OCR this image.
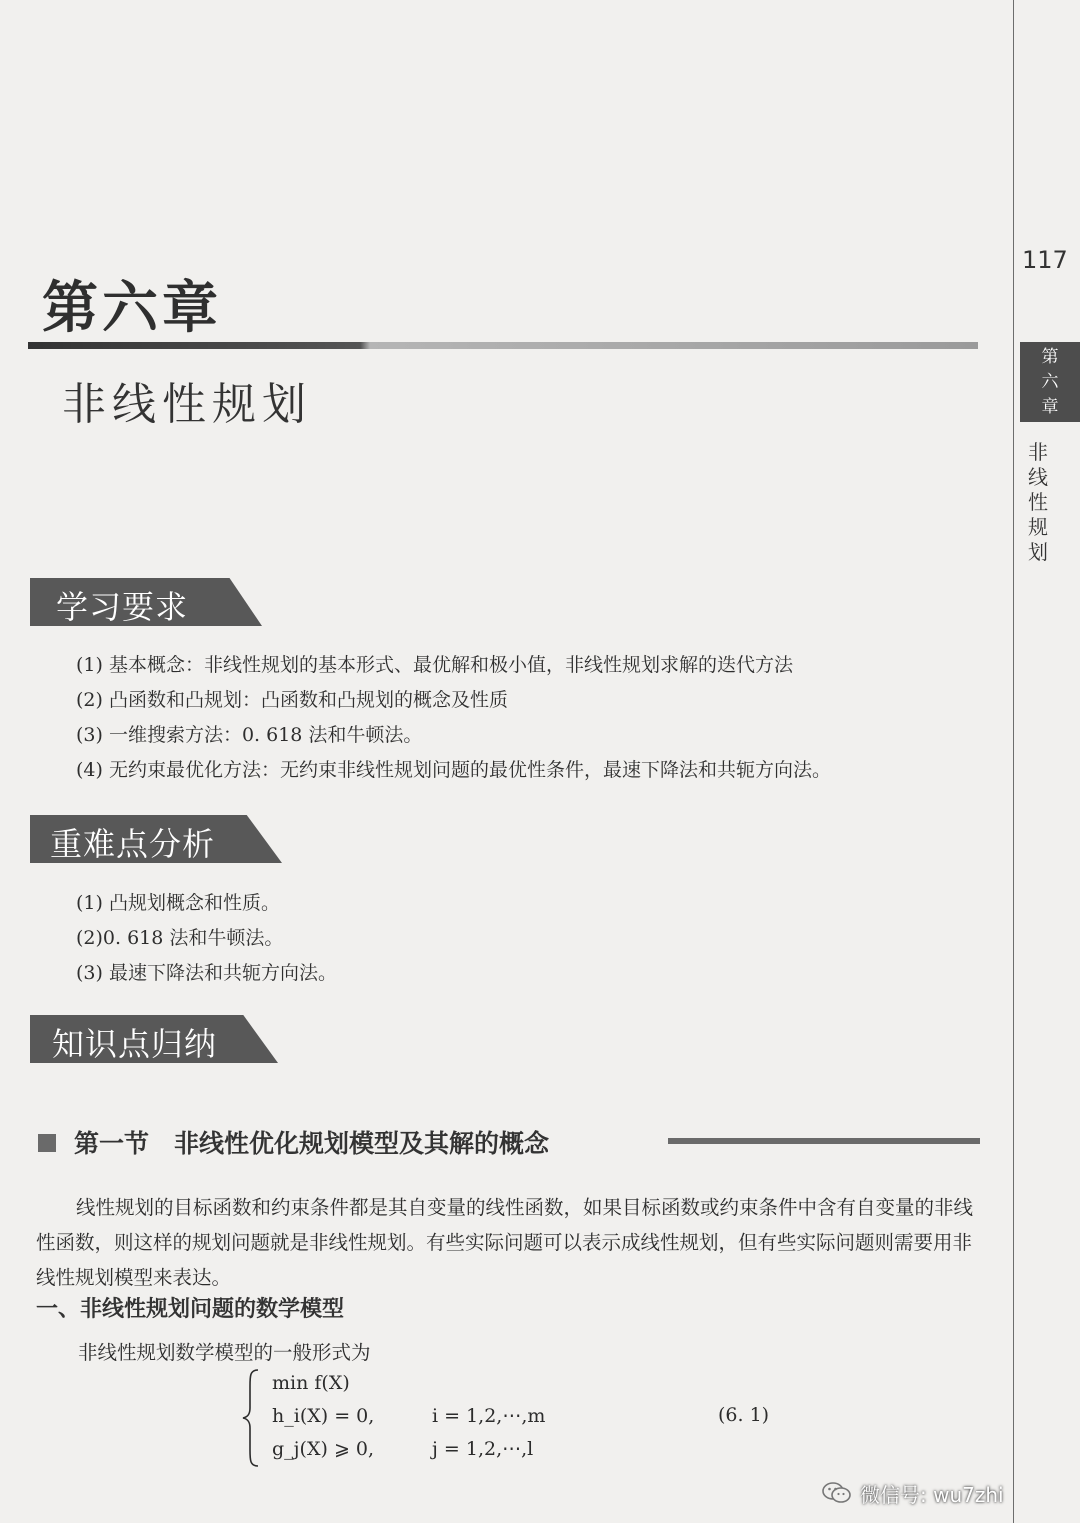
117
第
六
章
非
线
性
规
划
第六章
非线性规划
学习要求
(1) 基本概念：非线性规划的基本形式、最优解和极小值，非线性规划求解的迭代方法
(2) 凸函数和凸规划：凸函数和凸规划的概念及性质
(3) 一维搜索方法：0. 618 法和牛顿法。
(4) 无约束最优化方法：无约束非线性规划问题的最优性条件，最速下降法和共轭方向法。
重难点分析
(1) 凸规划概念和性质。
(2)0. 618 法和牛顿法。
(3) 最速下降法和共轭方向法。
知识点归纳
第一节　非线性优化规划模型及其解的概念
线性规划的目标函数和约束条件都是其自变量的线性函数，如果目标函数或约束条件中含有自变量的非线性函数，则这样的规划问题就是非线性规划。有些实际问题可以表示成线性规划，但有些实际问题则需要用非线性规划模型来表达。
一、非线性规划问题的数学模型
非线性规划数学模型的一般形式为
min f(X)
h_i(X) = 0,	i = 1,2,⋯,m
g_j(X) ⩾ 0,	j = 1,2,⋯,l
(6. 1)
微信号: wu7zhi
